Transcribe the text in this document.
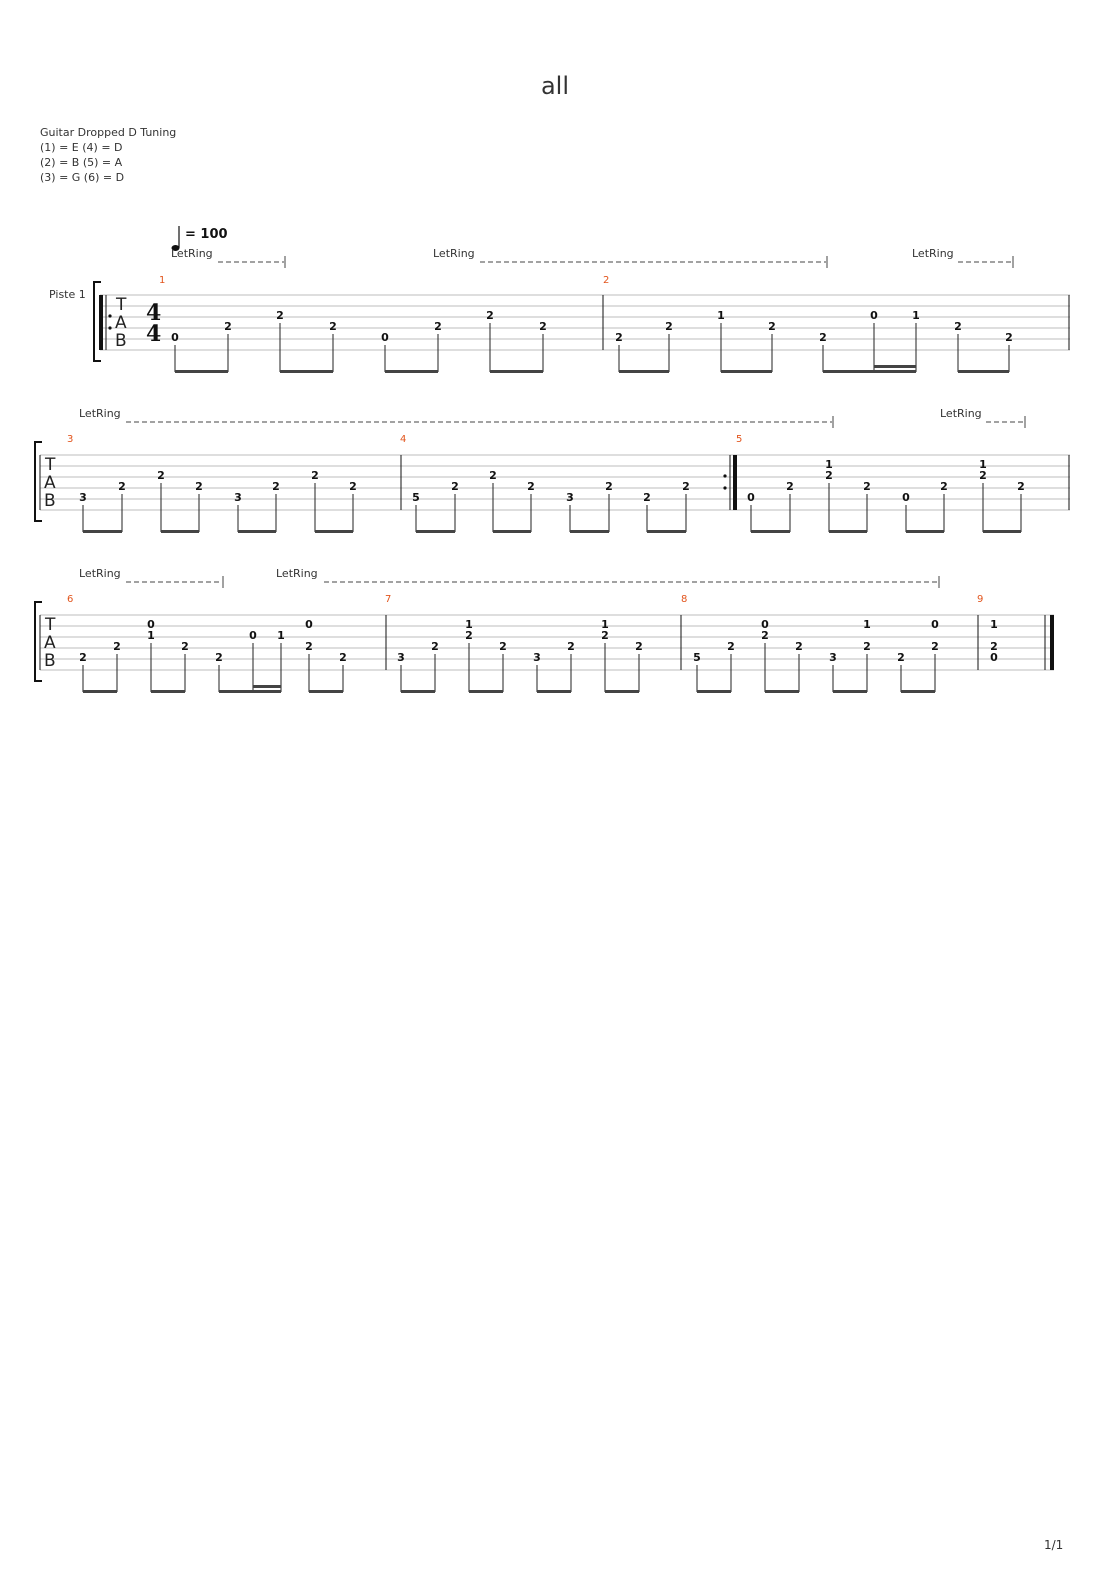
all
Guitar Dropped D Tuning
(1) = E (4) = D
(2) = B (5) = A
(3) = G (6) = D
= 100
LetRing	LetRing	LetRing
Piste 1
T
A
B
4
4
1	2
0
2
2
2
0
2
2
2
2
2
1
2
2
0	1
2
2
LetRing	LetRing
T
A
B
3	4	5
3
2
2
2
3
2
2
2
5
2
2
2
3
2
2
2
0
2
1
2
2
0
2
1
2
2
LetRing	LetRing
T
A
B
6	7	8	9
2
2
0
1
2
2
0 1
0
2
2	3
2
1
2
2
3
2
1
2
2
5
2
0
2
2
3
1
2
2
0
2
1
2
0
1/1
